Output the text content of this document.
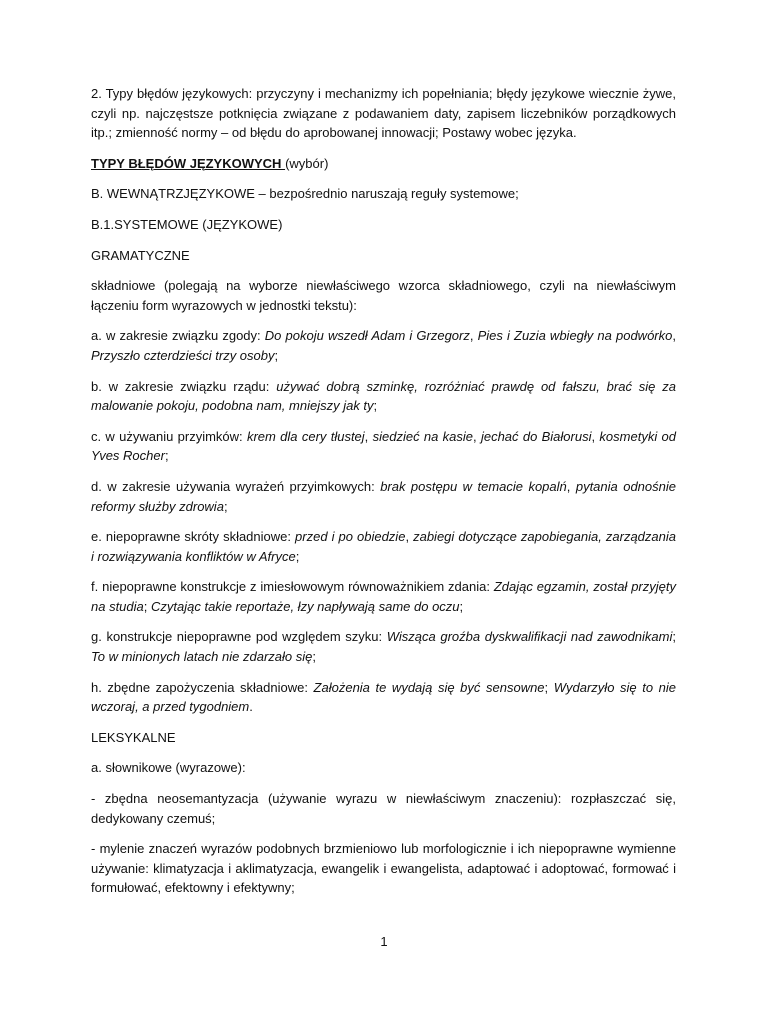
2. Typy błędów językowych: przyczyny i mechanizmy ich popełniania; błędy językowe wiecznie żywe, czyli np. najczęstsze potknięcia związane z podawaniem daty, zapisem liczebników porządkowych itp.; zmienność normy – od błędu do aprobowanej innowacji; Postawy wobec języka.

TYPY BŁĘDÓW JĘZYKOWYCH (wybór)

B. WEWNĄTRZJĘZYKOWE – bezpośrednio naruszają reguły systemowe;

B.1.SYSTEMOWE (JĘZYKOWE)

GRAMATYCZNE

składniowe (polegają na wyborze niewłaściwego wzorca składniowego, czyli na niewłaściwym łączeniu form wyrazowych w jednostki tekstu):

a. w zakresie związku zgody: Do pokoju wszedł Adam i Grzegorz, Pies i Zuzia wbiegły na podwórko, Przyszło czterdzieści trzy osoby;

b. w zakresie związku rządu: używać dobrą szminkę, rozróżniać prawdę od fałszu, brać się za malowanie pokoju, podobna nam, mniejszy jak ty;

c. w używaniu przyimków: krem dla cery tłustej, siedzieć na kasie, jechać do Białorusi, kosmetyki od Yves Rocher;

d. w zakresie używania wyrażeń przyimkowych: brak postępu w temacie kopalń, pytania odnośnie reformy służby zdrowia;

e. niepoprawne skróty składniowe: przed i po obiedzie, zabiegi dotyczące zapobiegania, zarządzania i rozwiązywania konfliktów w Afryce;

f. niepoprawne konstrukcje z imiesłowowym równoważnikiem zdania: Zdając egzamin, został przyjęty na studia; Czytając takie reportaże, łzy napływają same do oczu;

g. konstrukcje niepoprawne pod względem szyku: Wisząca groźba dyskwalifikacji nad zawodnikami; To w minionych latach nie zdarzało się;

h. zbędne zapożyczenia składniowe: Założenia te wydają się być sensowne; Wydarzyło się to nie wczoraj, a przed tygodniem.

LEKSYKALNE

a. słownikowe (wyrazowe):

- zbędna neosemantyzacja (używanie wyrazu w niewłaściwym znaczeniu): rozpłaszczać się, dedykowany czemuś;

- mylenie znaczeń wyrazów podobnych brzmieniowo lub morfologicznie i ich niepoprawne wymienne używanie: klimatyzacja i aklimatyzacja, ewangelik i ewangelista, adaptować i adoptować, formować i formułować, efektowny i efektywny;

1
